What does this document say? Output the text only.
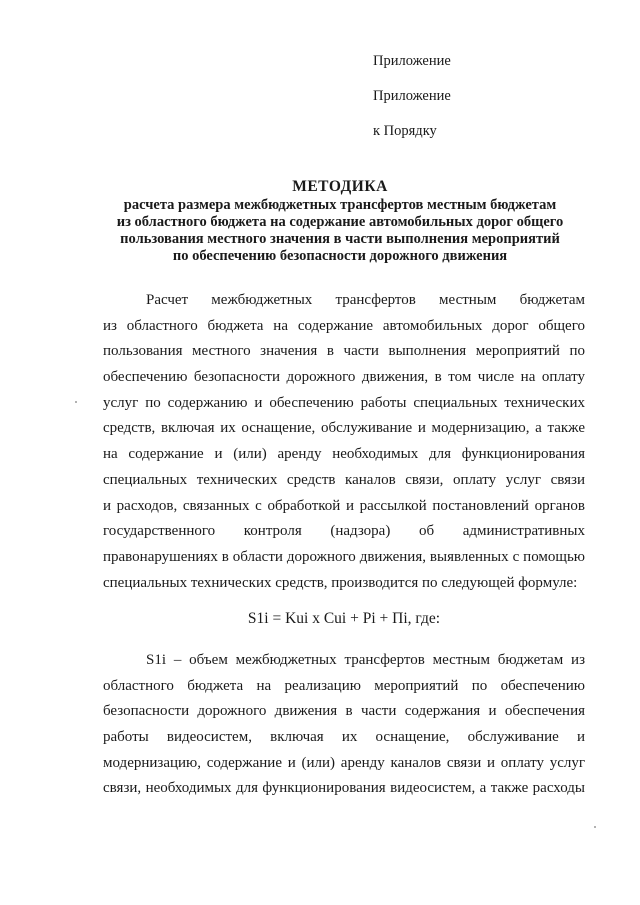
Приложение
Приложение
к Порядку
МЕТОДИКА
расчета размера межбюджетных трансфертов местным бюджетам
из областного бюджета на содержание автомобильных дорог общего
пользования местного значения в части выполнения мероприятий
по обеспечению безопасности дорожного движения
Расчет межбюджетных трансфертов местным бюджетам
из областного бюджета на содержание автомобильных дорог общего
пользования местного значения в части выполнения мероприятий по
обеспечению безопасности дорожного движения, в том числе на оплату
услуг по содержанию и обеспечению работы специальных технических
средств, включая их оснащение, обслуживание и модернизацию, а также
на содержание и (или) аренду необходимых для функционирования
специальных технических средств каналов связи, оплату услуг связи
и расходов, связанных с обработкой и рассылкой постановлений органов
государственного контроля (надзора) об административных
правонарушениях в области дорожного движения, выявленных с помощью
специальных технических средств, производится по следующей формуле:
S1i = Kui x Cui + Pi + Пi, где:
S1i – объем межбюджетных трансфертов местным бюджетам из
областного бюджета на реализацию мероприятий по обеспечению
безопасности дорожного движения в части содержания и обеспечения
работы видеосистем, включая их оснащение, обслуживание и
модернизацию, содержание и (или) аренду каналов связи и оплату услуг
связи, необходимых для функционирования видеосистем, а также расходы
